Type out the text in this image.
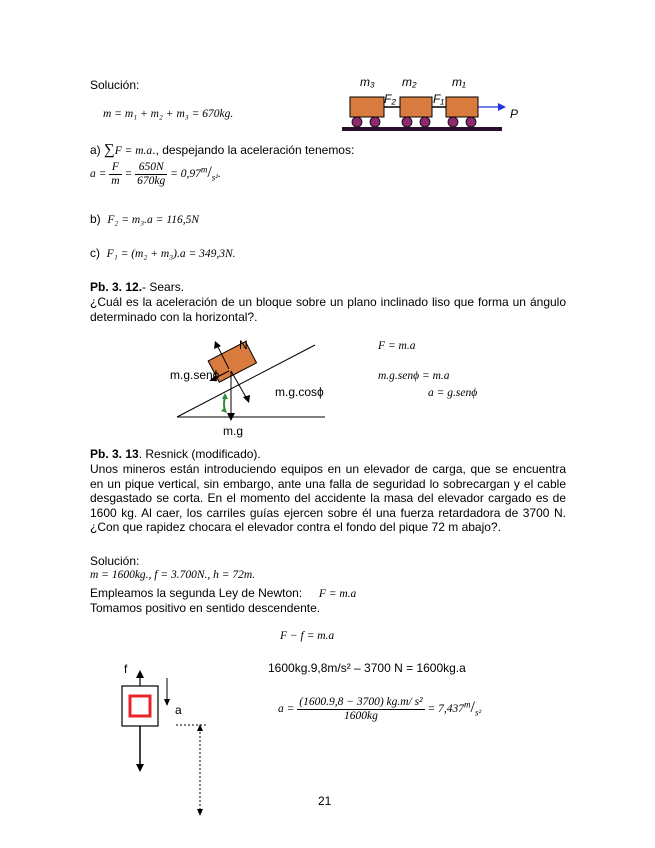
Solución:
m = m₁ + m₂ + m₃ = 670kg.
m₃ m₂	m₁
F₂	F₁
P
a) ∑F = m.a., despejando la aceleración tenemos:
$a = \frac{F}{m} = \frac{650N}{670kg} = 0,97^m/_{s^2}$.
b) F₂ = m₃.a = 116,5N
c) F₁ = (m₂ + m₃).a = 349,3N.
Pb. 3. 12.- Sears.
¿Cuál es la aceleración de un bloque sobre un plano inclinado liso que forma un ángulo determinado con la horizontal?.
N
m.g.senϕ
m.g.cosϕ
m.g
F = m.a
m.g.senϕ = m.a
a = g.senϕ
Pb. 3. 13. Resnick (modificado).
Unos mineros están introduciendo equipos en un elevador de carga, que se encuentra en un pique vertical, sin embargo, ante una falla de seguridad lo sobrecargan y el cable desgastado se corta. En el momento del accidente la masa del elevador cargado es de 1600 kg. Al caer, los carriles guías ejercen sobre él una fuerza retardadora de 3700 N. ¿Con que rapidez chocara el elevador contra el fondo del pique 72 m abajo?.
Solución:
m = 1600kg., f = 3.700N., h = 72m.
Empleamos la segunda Ley de Newton: F = m.a
Tomamos positivo en sentido descendente.
F − f = m.a
1600kg.9,8m/s² – 3700 N = 1600kg.a
$a = \frac{\text{(1600.9,8 − 3700) kg.m/ s²}}{1600kg} = 7,437^m/_{s^2}$
f
a
21
